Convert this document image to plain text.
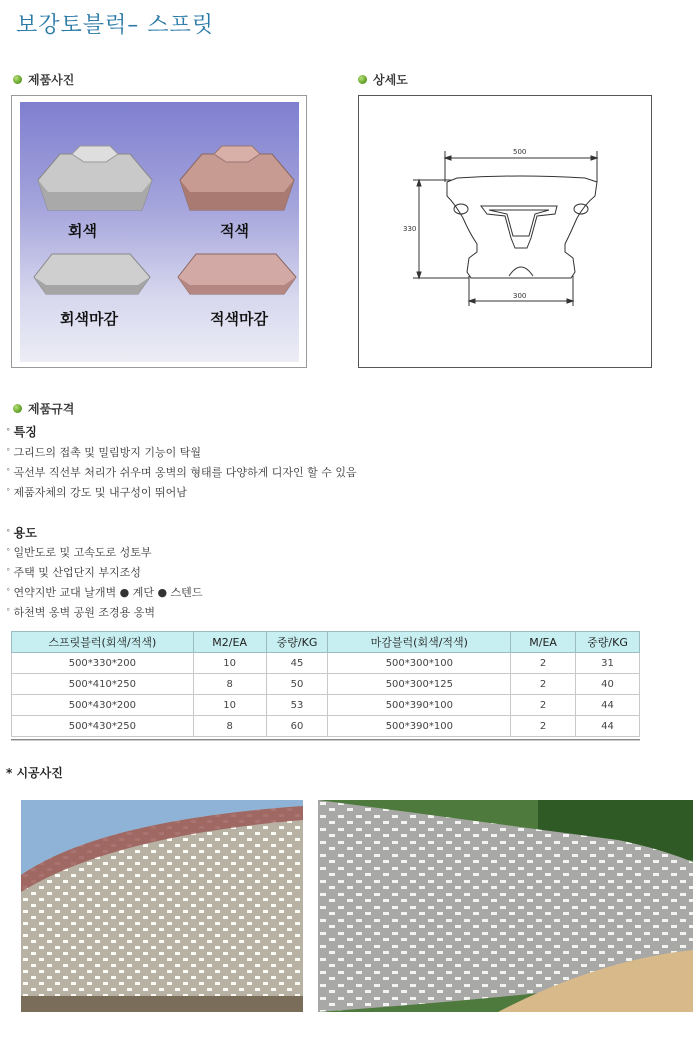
보강토블럭– 스프릿
제품사진	상세도
회색	적색
회색마감	적색마감
500
330
300
제품규격
˚ 특징
˚ 그리드의 접촉 및 밀림방지 기능이 탁월
˚ 곡선부 직선부 처리가 쉬우며 옹벽의 형태를 다양하게 디자인 할 수 있음
˚ 제품자체의 강도 및 내구성이 뛰어남
˚ 용도
˚ 일반도로 및 고속도로 성토부
˚ 주택 및 산업단지 부지조성
˚ 연약지반 교대 날개벽 ● 계단 ● 스텐드
˚ 하천벽 옹벽 공원 조경용 옹벽
스프릿블럭(회색/적색)	M2/EA	중량/KG	마감블럭(회색/적색)	M/EA	중량/KG
500*330*200	10	45	500*300*100	2	31
500*410*250	8	50	500*300*125	2	40
500*430*200	10	53	500*390*100	2	44
500*430*250	8	60	500*390*100	2	44
* 시공사진
